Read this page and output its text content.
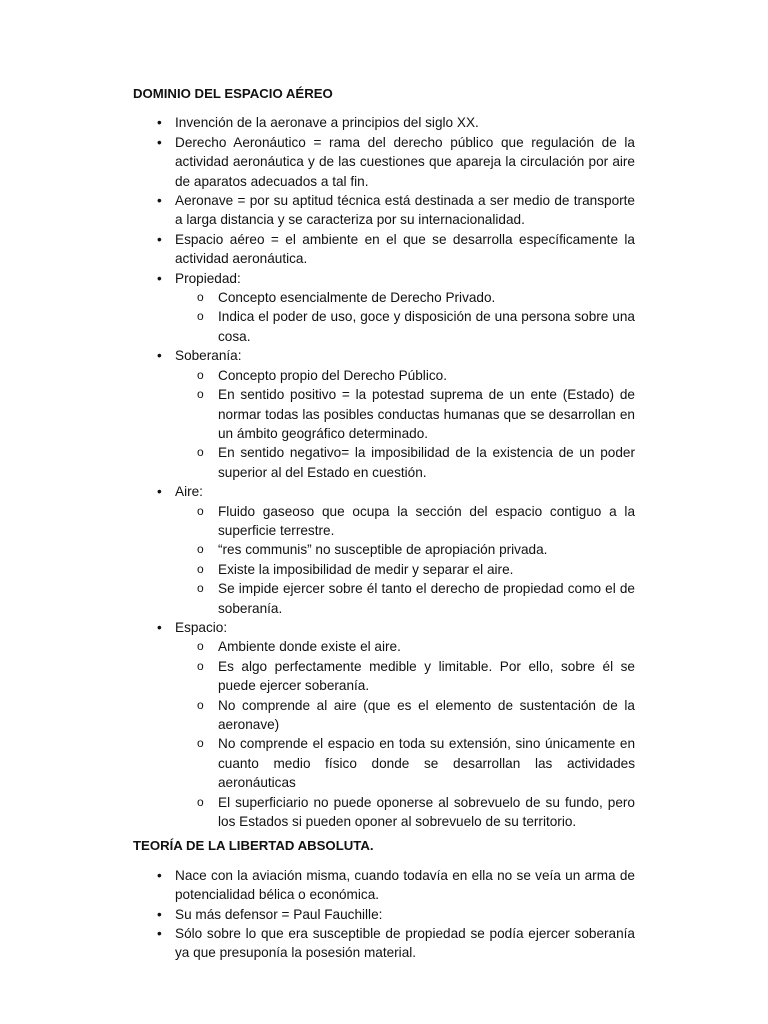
DOMINIO DEL ESPACIO AÉREO
• Invención de la aeronave a principios del siglo XX.
• Derecho Aeronáutico = rama del derecho público que regulación de la actividad aeronáutica y de las cuestiones que apareja la circulación por aire de aparatos adecuados a tal fin.
• Aeronave = por su aptitud técnica está destinada a ser medio de transporte a larga distancia y se caracteriza por su internacionalidad.
• Espacio aéreo = el ambiente en el que se desarrolla específicamente la actividad aeronáutica.
• Propiedad:
o Concepto esencialmente de Derecho Privado.
o Indica el poder de uso, goce y disposición de una persona sobre una cosa.
• Soberanía:
o Concepto propio del Derecho Público.
o En sentido positivo = la potestad suprema de un ente (Estado) de normar todas las posibles conductas humanas que se desarrollan en un ámbito geográfico determinado.
o En sentido negativo= la imposibilidad de la existencia de un poder superior al del Estado en cuestión.
• Aire:
o Fluido gaseoso que ocupa la sección del espacio contiguo a la superficie terrestre.
o “res communis” no susceptible de apropiación privada.
o Existe la imposibilidad de medir y separar el aire.
o Se impide ejercer sobre él tanto el derecho de propiedad como el de soberanía.
• Espacio:
o Ambiente donde existe el aire.
o Es algo perfectamente medible y limitable. Por ello, sobre él se puede ejercer soberanía.
o No comprende al aire (que es el elemento de sustentación de la aeronave)
o No comprende el espacio en toda su extensión, sino únicamente en cuanto medio físico donde se desarrollan las actividades aeronáuticas
o El superficiario no puede oponerse al sobrevuelo de su fundo, pero los Estados si pueden oponer al sobrevuelo de su territorio.
TEORÍA DE LA LIBERTAD ABSOLUTA.
• Nace con la aviación misma, cuando todavía en ella no se veía un arma de potencialidad bélica o económica.
• Su más defensor = Paul Fauchille:
• Sólo sobre lo que era susceptible de propiedad se podía ejercer soberanía ya que presuponía la posesión material.
